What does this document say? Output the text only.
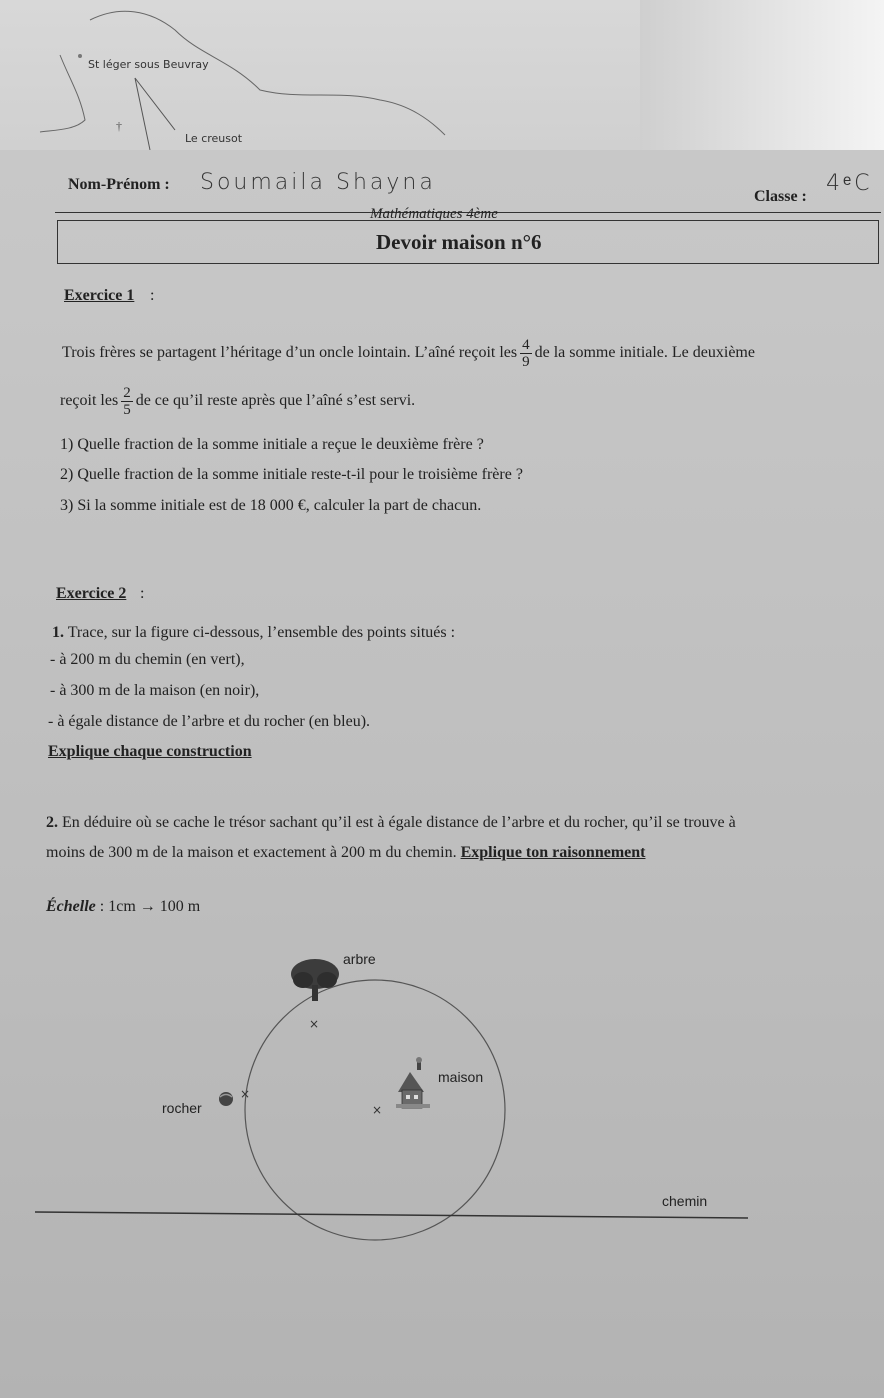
St léger sous Beuvray
Le creusot
†
Nom-Prénom : Soumaila Shayna
Classe :
4ᵉC
Mathématiques 4ème
Devoir maison n°6
Exercice 1 :
Trois frères se partagent l’héritage d’un oncle lointain. L’aîné reçoit les $\frac{4}{9}$ de la somme initiale. Le deuxième
reçoit les $\frac{2}{5}$ de ce qu’il reste après que l’aîné s’est servi.
1) Quelle fraction de la somme initiale a reçue le deuxième frère ?
2) Quelle fraction de la somme initiale reste-t-il pour le troisième frère ?
3) Si la somme initiale est de 18 000 €, calculer la part de chacun.
Exercice 2 :
1. Trace, sur la figure ci-dessous, l’ensemble des points situés :
- à 200 m du chemin (en vert),
- à 300 m de la maison (en noir),
- à égale distance de l’arbre et du rocher (en bleu).
Explique chaque construction
2. En déduire où se cache le trésor sachant qu’il est à égale distance de l’arbre et du rocher, qu’il se trouve à
moins de 300 m de la maison et exactement à 200 m du chemin. Explique ton raisonnement
Échelle : 1cm → 100 m
arbre
maison
rocher
×
×
×
chemin
